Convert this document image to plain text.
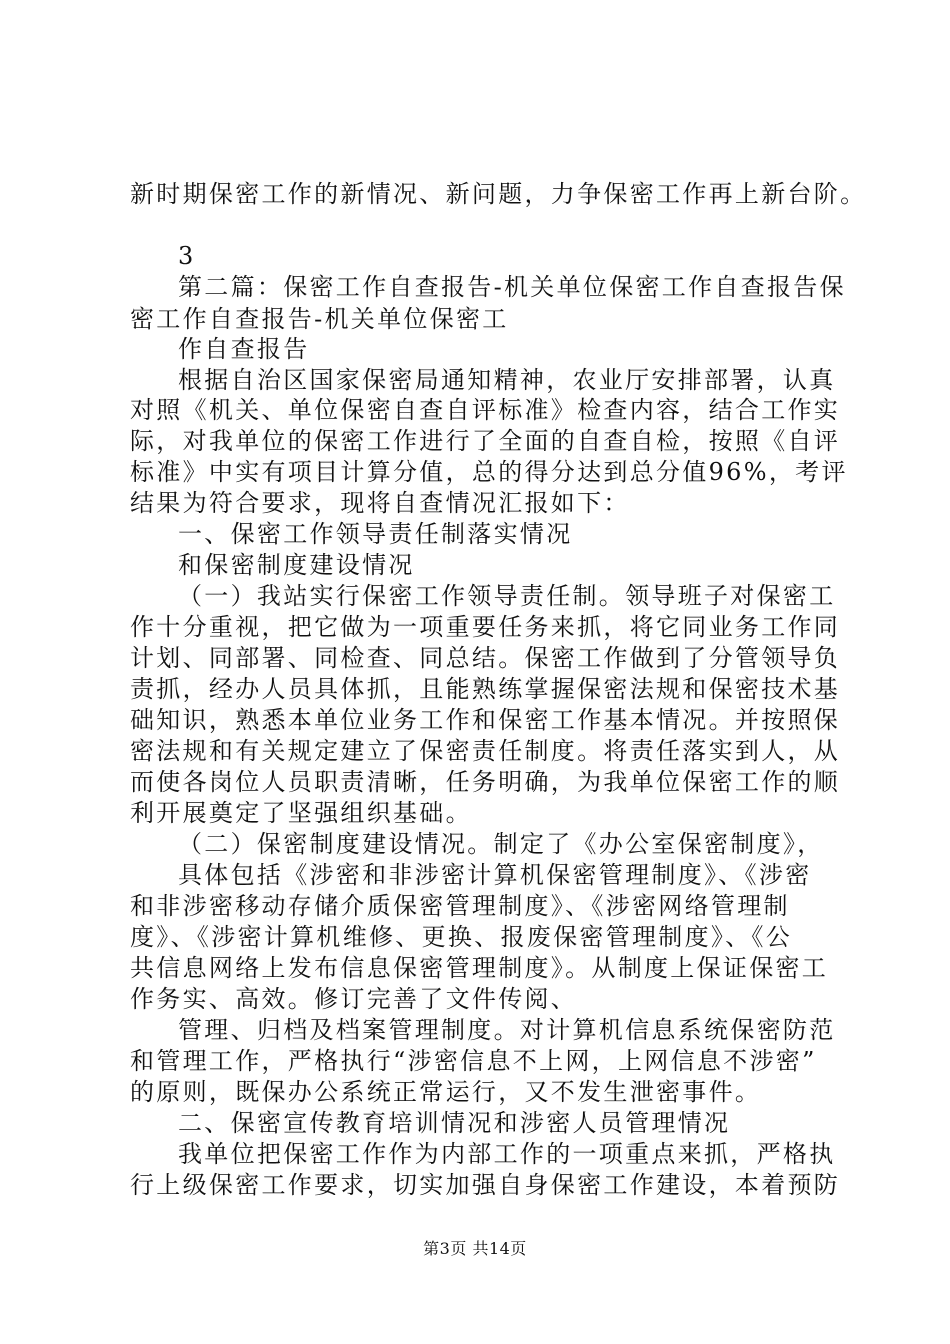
新时期保密工作的新情况、新问题，力争保密工作再上新台阶。
3
第二篇：保密工作自查报告-机关单位保密工作自查报告保
密工作自查报告-机关单位保密工
作自查报告
根据自治区国家保密局通知精神，农业厅安排部署，认真
对照《机关、单位保密自查自评标准》检查内容，结合工作实
际，对我单位的保密工作进行了全面的自查自检，按照《自评
标准》中实有项目计算分值，总的得分达到总分值96%，考评
结果为符合要求，现将自查情况汇报如下：
一、保密工作领导责任制落实情况
和保密制度建设情况
（一）我站实行保密工作领导责任制。领导班子对保密工
作十分重视，把它做为一项重要任务来抓，将它同业务工作同
计划、同部署、同检查、同总结。保密工作做到了分管领导负
责抓，经办人员具体抓，且能熟练掌握保密法规和保密技术基
础知识，熟悉本单位业务工作和保密工作基本情况。并按照保
密法规和有关规定建立了保密责任制度。将责任落实到人，从
而使各岗位人员职责清晰，任务明确，为我单位保密工作的顺
利开展奠定了坚强组织基础。
（二）保密制度建设情况。制定了《办公室保密制度》，
具体包括《涉密和非涉密计算机保密管理制度》、《涉密
和非涉密移动存储介质保密管理制度》、《涉密网络管理制
度》、《涉密计算机维修、更换、报废保密管理制度》、《公
共信息网络上发布信息保密管理制度》。从制度上保证保密工
作务实、高效。修订完善了文件传阅、
管理、归档及档案管理制度。对计算机信息系统保密防范
和管理工作，严格执行“涉密信息不上网，上网信息不涉密”
的原则，既保办公系统正常运行，又不发生泄密事件。
二、保密宣传教育培训情况和涉密人员管理情况
我单位把保密工作作为内部工作的一项重点来抓，严格执
行上级保密工作要求，切实加强自身保密工作建设，本着预防
第3页 共14页
